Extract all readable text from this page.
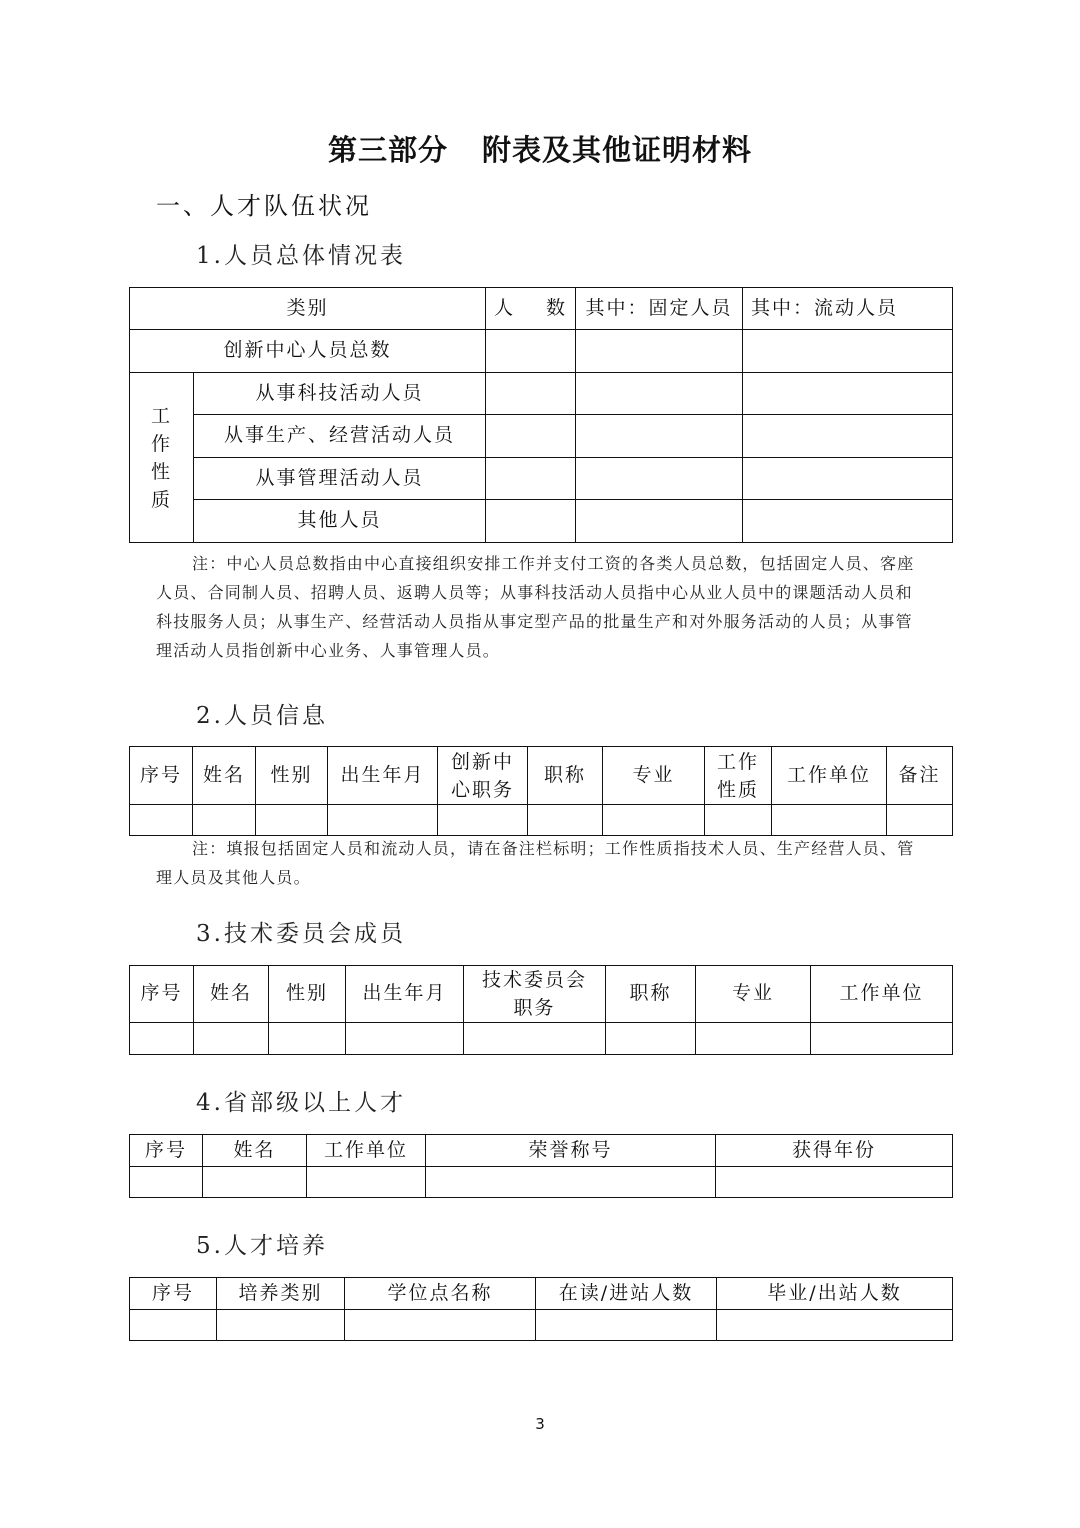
第三部分 附表及其他证明材料
一、人才队伍状况
1.人员总体情况表
类别		人 数	其中：固定人员	其中：流动人员
创新中心人员总数				

工
作
性
质	从事科技活动人员			
	从事生产、经营活动人员			
	从事管理活动人员			
	其他人员			
注：中心人员总数指由中心直接组织安排工作并支付工资的各类人员总数，包括固定人员、客座人员、合同制人员、招聘人员、返聘人员等；从事科技活动人员指中心从业人员中的课题活动人员和科技服务人员；从事生产、经营活动人员指从事定型产品的批量生产和对外服务活动的人员；从事管理活动人员指创新中心业务、人事管理人员。
2.人员信息
序号	姓名	性别	出生年月	创新中心职务	职称	专业	工作性质	工作单位	备注

注：填报包括固定人员和流动人员，请在备注栏标明；工作性质指技术人员、生产经营人员、管理人员及其他人员。
3.技术委员会成员
序号	姓名	性别	出生年月	技术委员会职务	职称	专业	工作单位

4.省部级以上人才
序号	姓名	工作单位	荣誉称号	获得年份

5.人才培养
序号	培养类别	学位点名称	在读/进站人数	毕业/出站人数

3
